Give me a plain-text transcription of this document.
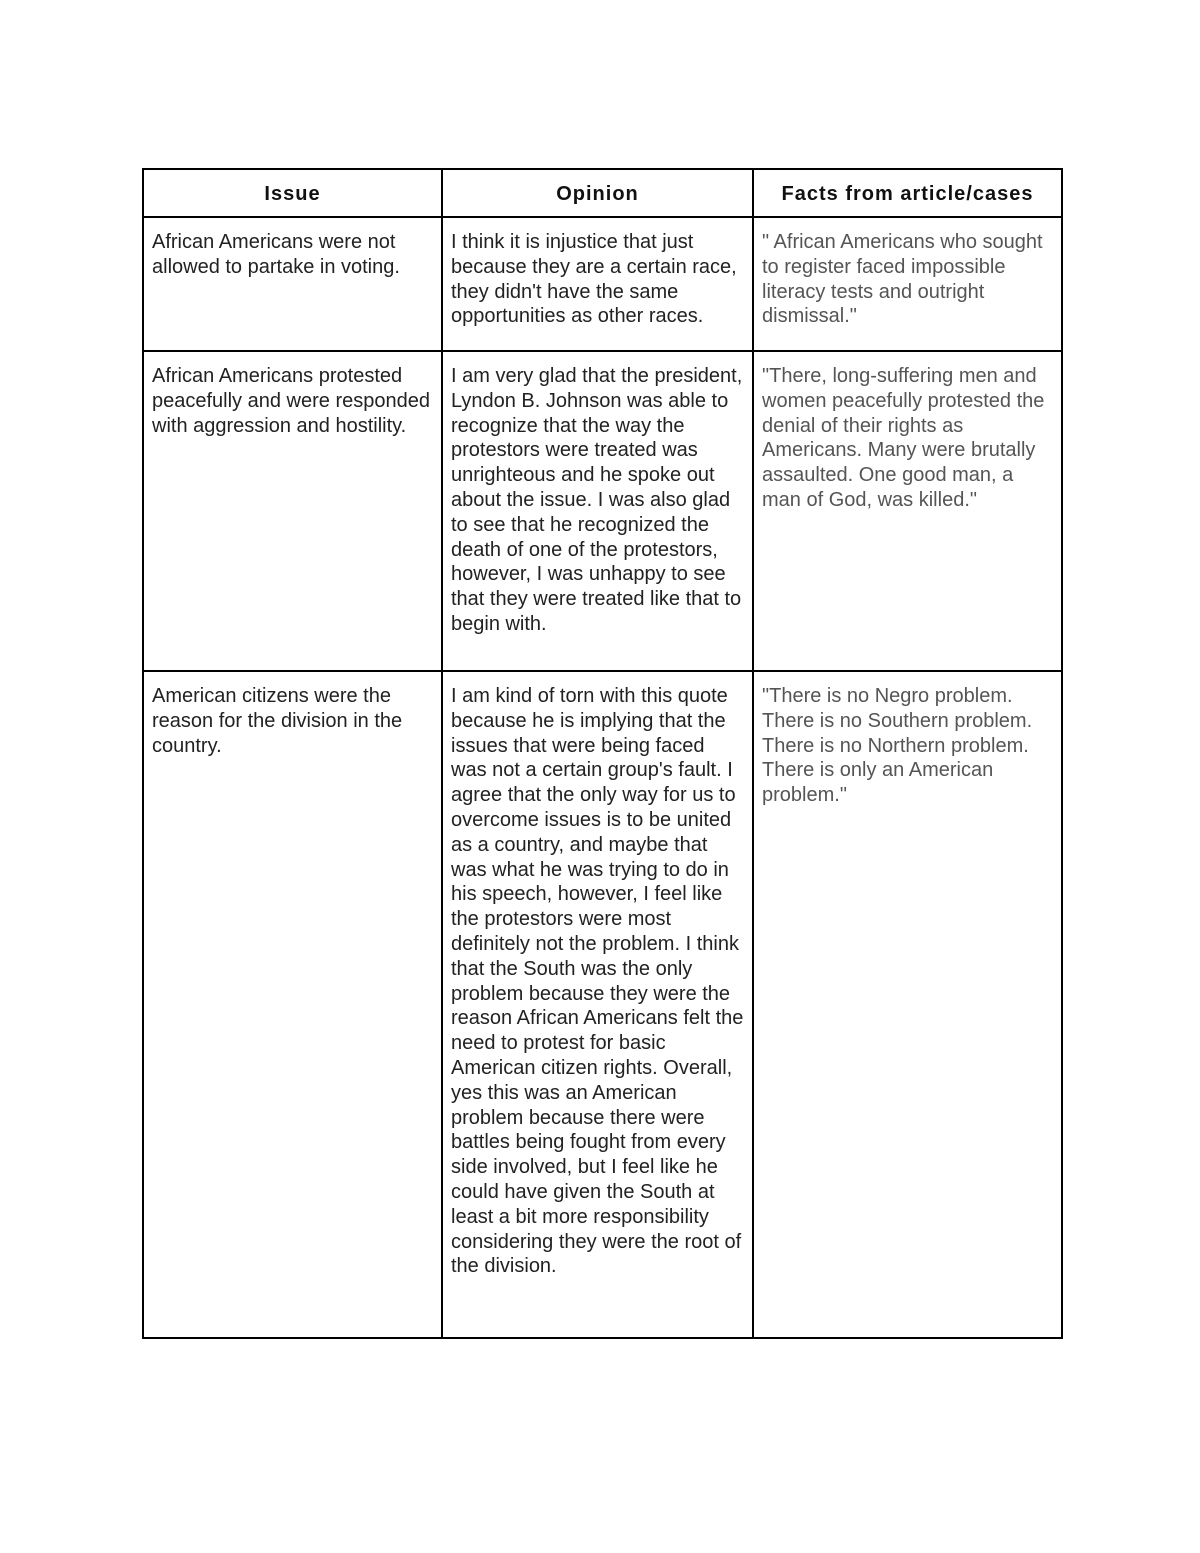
Issue	Opinion	Facts from article/cases
African Americans were not allowed to partake in voting.	I think it is injustice that just because they are a certain race, they didn't have the same opportunities as other races.	" African Americans who sought to register faced impossible literacy tests and outright dismissal."
African Americans protested peacefully and were responded with aggression and hostility.	I am very glad that the president, Lyndon B. Johnson was able to recognize that the way the protestors were treated was unrighteous and he spoke out about the issue. I was also glad to see that he recognized the death of one of the protestors, however, I was unhappy to see that they were treated like that to begin with.	"There, long-suffering men and women peacefully protested the denial of their rights as Americans. Many were brutally assaulted. One good man, a man of God, was killed."
American citizens were the reason for the division in the country.	I am kind of torn with this quote because he is implying that the issues that were being faced was not a certain group's fault. I agree that the only way for us to overcome issues is to be united as a country, and maybe that was what he was trying to do in his speech, however, I feel like the protestors were most definitely not the problem. I think that the South was the only problem because they were the reason African Americans felt the need to protest for basic American citizen rights. Overall, yes this was an American problem because there were battles being fought from every side involved, but I feel like he could have given the South at least a bit more responsibility considering they were the root of the division.	"There is no Negro problem. There is no Southern problem. There is no Northern problem. There is only an American problem."
